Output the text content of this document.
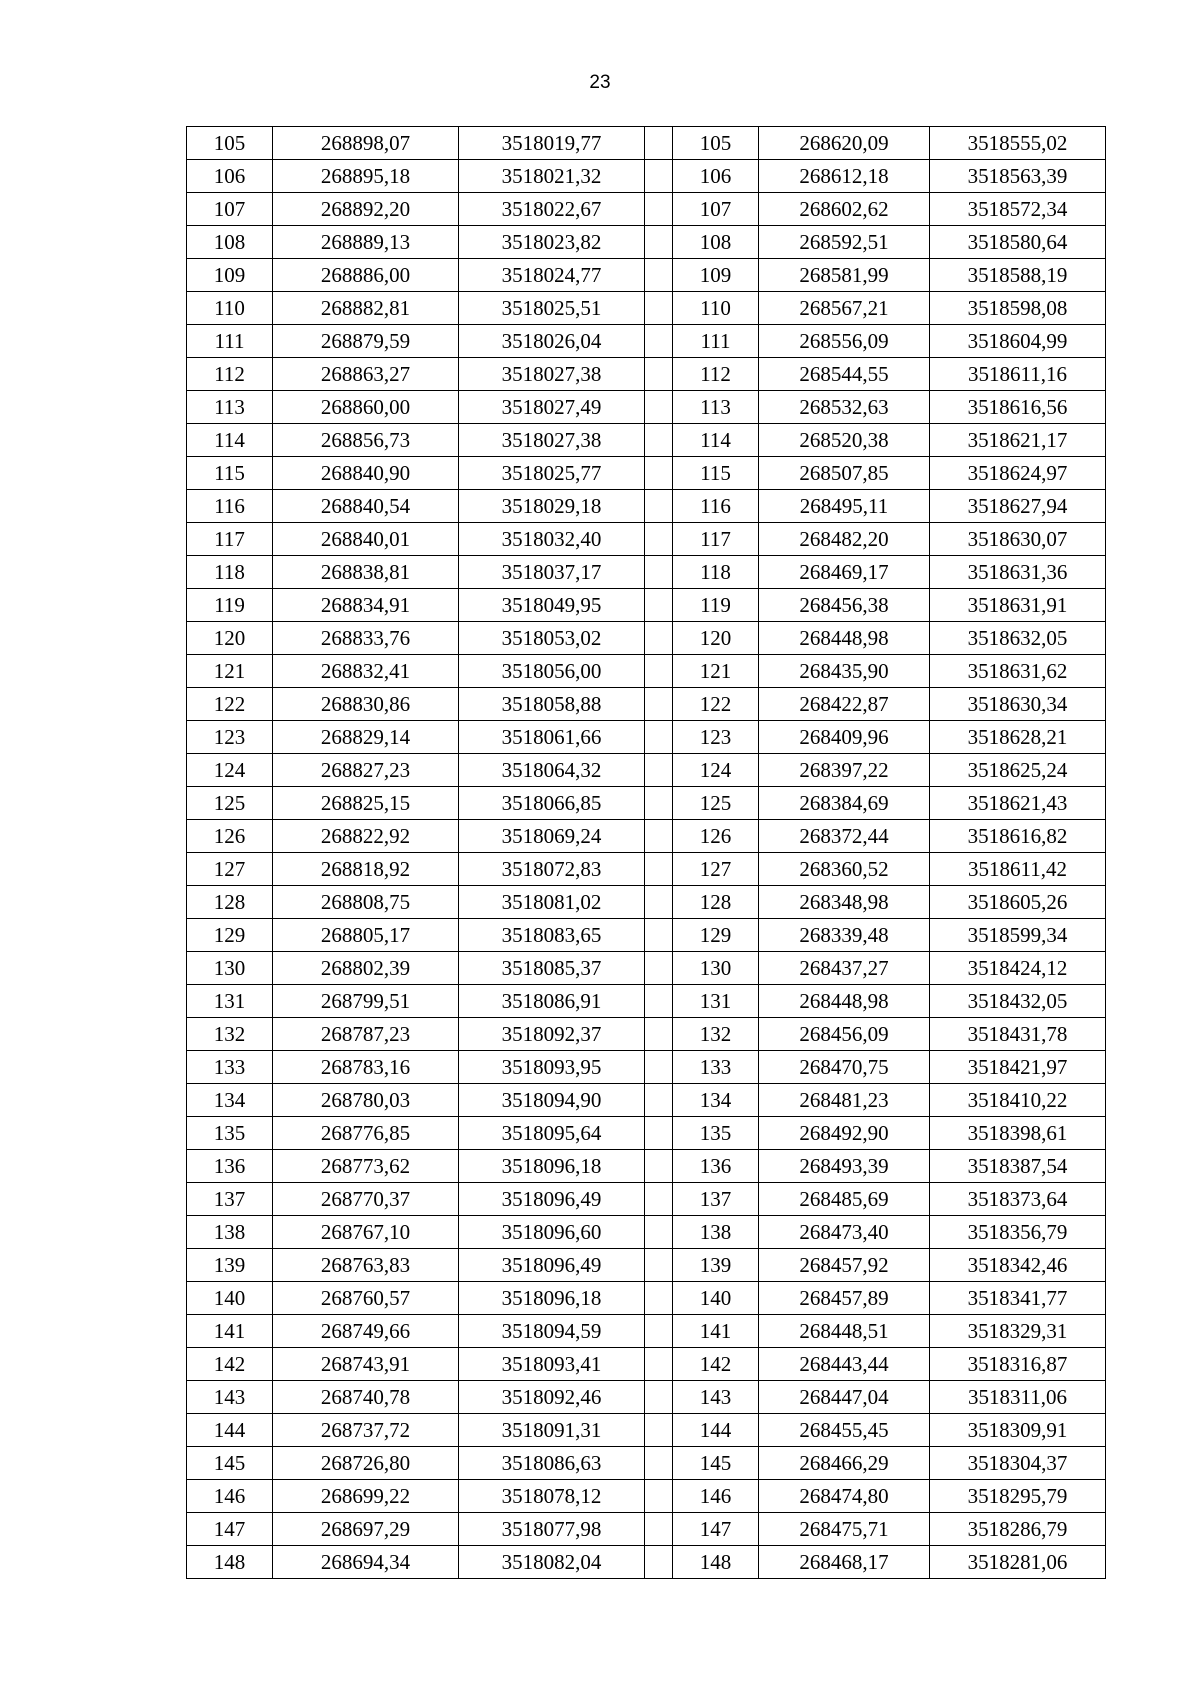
23
105	268898,07	3518019,77		105	268620,09	3518555,02
106	268895,18	3518021,32		106	268612,18	3518563,39
107	268892,20	3518022,67		107	268602,62	3518572,34
108	268889,13	3518023,82		108	268592,51	3518580,64
109	268886,00	3518024,77		109	268581,99	3518588,19
110	268882,81	3518025,51		110	268567,21	3518598,08
111	268879,59	3518026,04		111	268556,09	3518604,99
112	268863,27	3518027,38		112	268544,55	3518611,16
113	268860,00	3518027,49		113	268532,63	3518616,56
114	268856,73	3518027,38		114	268520,38	3518621,17
115	268840,90	3518025,77		115	268507,85	3518624,97
116	268840,54	3518029,18		116	268495,11	3518627,94
117	268840,01	3518032,40		117	268482,20	3518630,07
118	268838,81	3518037,17		118	268469,17	3518631,36
119	268834,91	3518049,95		119	268456,38	3518631,91
120	268833,76	3518053,02		120	268448,98	3518632,05
121	268832,41	3518056,00		121	268435,90	3518631,62
122	268830,86	3518058,88		122	268422,87	3518630,34
123	268829,14	3518061,66		123	268409,96	3518628,21
124	268827,23	3518064,32		124	268397,22	3518625,24
125	268825,15	3518066,85		125	268384,69	3518621,43
126	268822,92	3518069,24		126	268372,44	3518616,82
127	268818,92	3518072,83		127	268360,52	3518611,42
128	268808,75	3518081,02		128	268348,98	3518605,26
129	268805,17	3518083,65		129	268339,48	3518599,34
130	268802,39	3518085,37		130	268437,27	3518424,12
131	268799,51	3518086,91		131	268448,98	3518432,05
132	268787,23	3518092,37		132	268456,09	3518431,78
133	268783,16	3518093,95		133	268470,75	3518421,97
134	268780,03	3518094,90		134	268481,23	3518410,22
135	268776,85	3518095,64		135	268492,90	3518398,61
136	268773,62	3518096,18		136	268493,39	3518387,54
137	268770,37	3518096,49		137	268485,69	3518373,64
138	268767,10	3518096,60		138	268473,40	3518356,79
139	268763,83	3518096,49		139	268457,92	3518342,46
140	268760,57	3518096,18		140	268457,89	3518341,77
141	268749,66	3518094,59		141	268448,51	3518329,31
142	268743,91	3518093,41		142	268443,44	3518316,87
143	268740,78	3518092,46		143	268447,04	3518311,06
144	268737,72	3518091,31		144	268455,45	3518309,91
145	268726,80	3518086,63		145	268466,29	3518304,37
146	268699,22	3518078,12		146	268474,80	3518295,79
147	268697,29	3518077,98		147	268475,71	3518286,79
148	268694,34	3518082,04		148	268468,17	3518281,06
